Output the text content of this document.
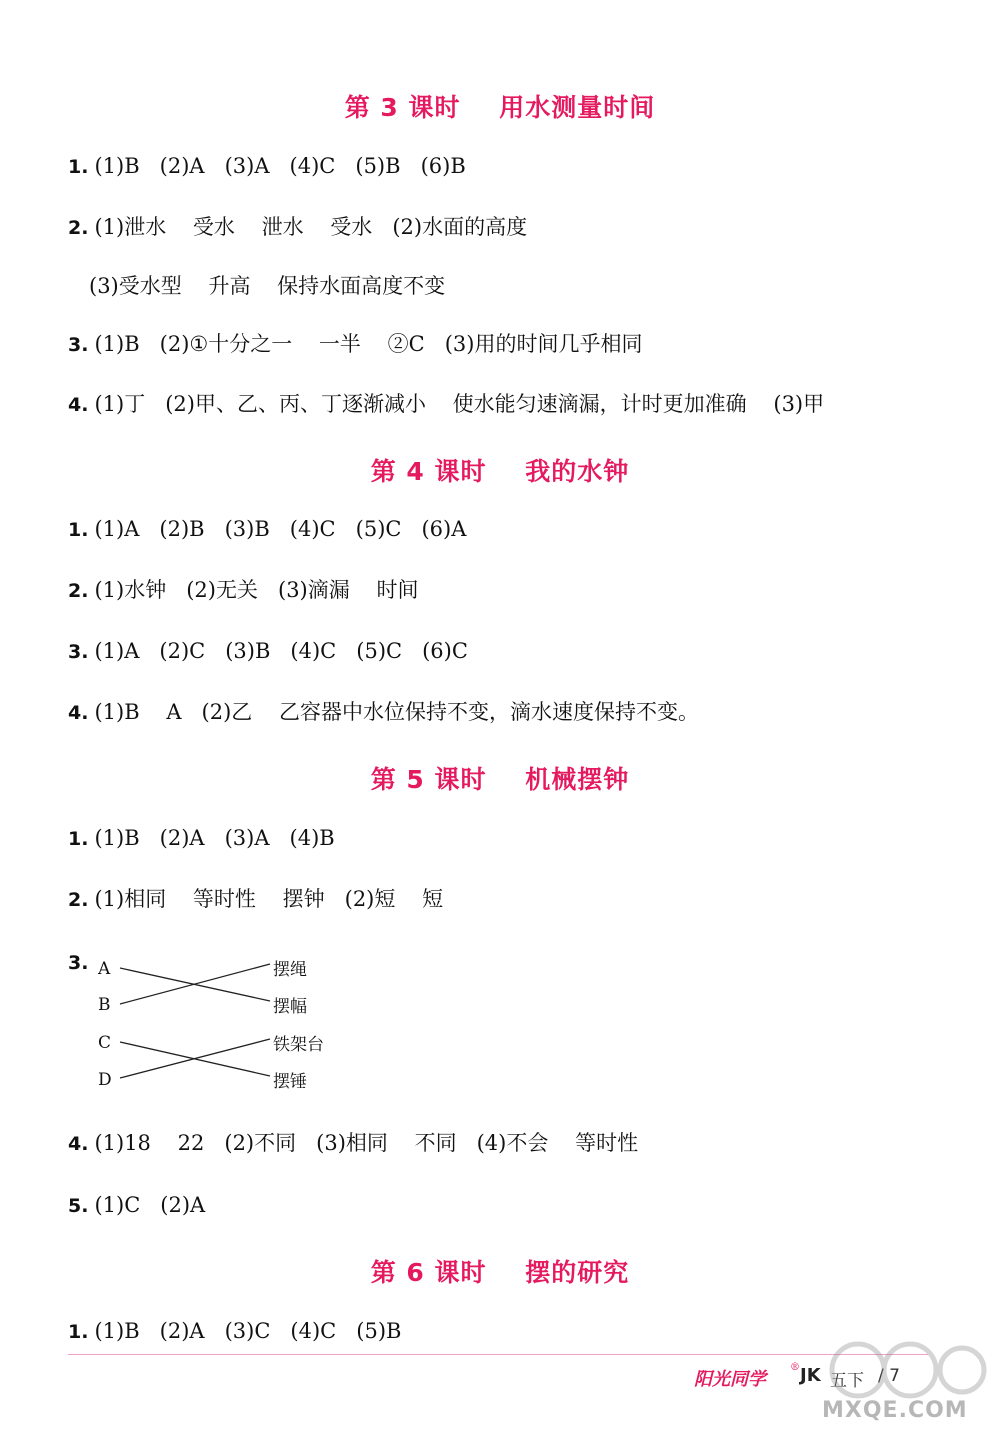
第 3 课时    用水测量时间
1. (1)B   (2)A   (3)A   (4)C   (5)B   (6)B
2. (1)泄水    受水    泄水    受水   (2)水面的高度
(3)受水型    升高    保持水面高度不变
3. (1)B   (2)①十分之一    一半    ②C   (3)用的时间几乎相同
4. (1)丁   (2)甲、乙、丙、丁逐渐减小    使水能匀速滴漏，计时更加准确    (3)甲
第 4 课时    我的水钟
1. (1)A   (2)B   (3)B   (4)C   (5)C   (6)A
2. (1)水钟   (2)无关   (3)滴漏    时间
3. (1)A   (2)C   (3)B   (4)C   (5)C   (6)C
4. (1)B    A   (2)乙    乙容器中水位保持不变，滴水速度保持不变。
第 5 课时    机械摆钟
1. (1)B   (2)A   (3)A   (4)B
2. (1)相同    等时性    摆钟   (2)短    短
3. A
B
C
D
摆绳
摆幅
铁架台
摆锤
4. (1)18    22   (2)不同   (3)相同    不同   (4)不会    等时性
5. (1)C   (2)A
第 6 课时    摆的研究
1. (1)B   (2)A   (3)C   (4)C   (5)B
阳光同学
® JK 五下 / 7
MXQE.COM
